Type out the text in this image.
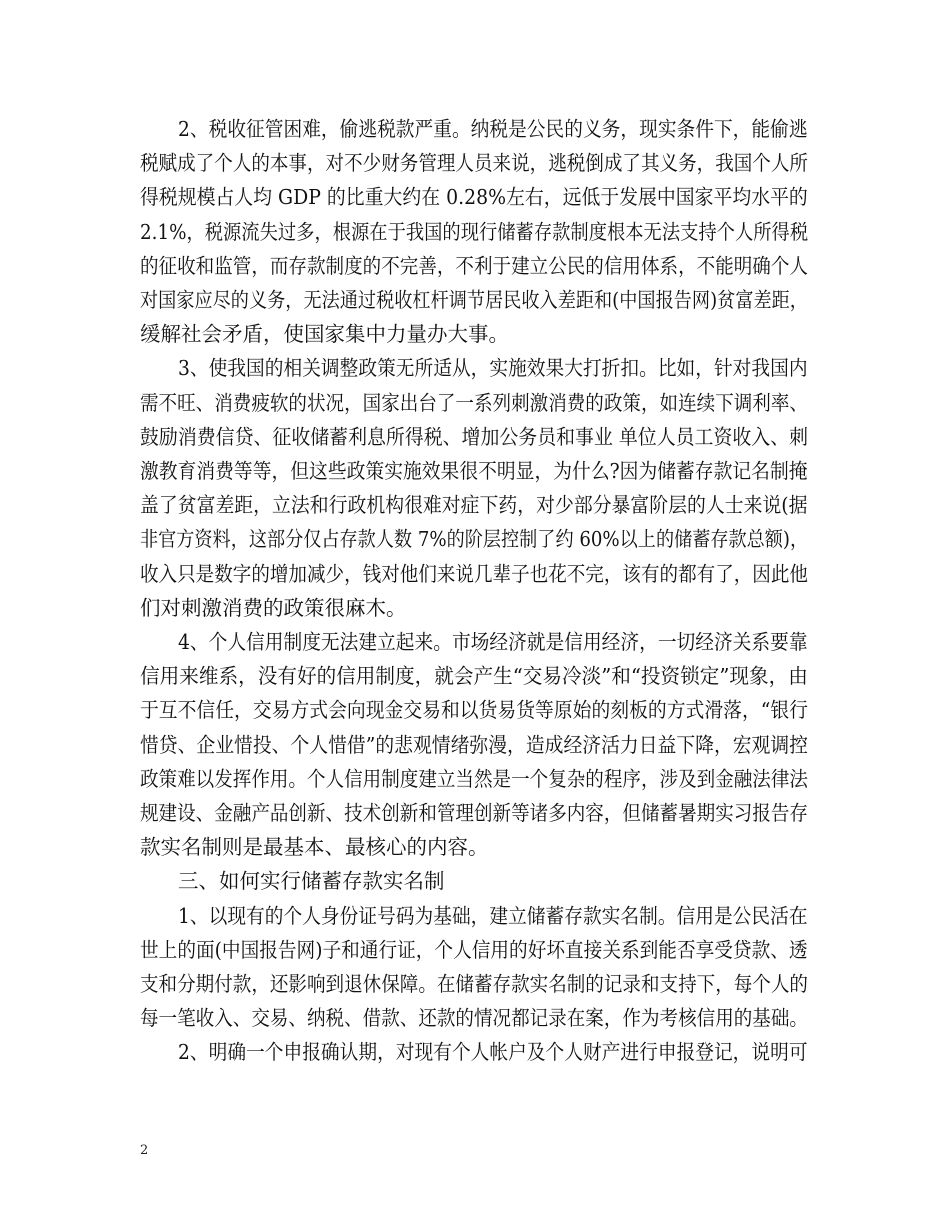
2、税收征管困难，偷逃税款严重。纳税是公民的义务，现实条件下，能偷逃
税赋成了个人的本事，对不少财务管理人员来说，逃税倒成了其义务，我国个人所
得税规模占人均 GDP 的比重大约在 0.28%左右，远低于发展中国家平均水平的
2.1%，税源流失过多，根源在于我国的现行储蓄存款制度根本无法支持个人所得税
的征收和监管，而存款制度的不完善，不利于建立公民的信用体系，不能明确个人
对国家应尽的义务，无法通过税收杠杆调节居民收入差距和(中国报告网)贫富差距，
缓解社会矛盾，使国家集中力量办大事。
3、使我国的相关调整政策无所适从，实施效果大打折扣。比如，针对我国内
需不旺、消费疲软的状况，国家出台了一系列刺激消费的政策，如连续下调利率、
鼓励消费信贷、征收储蓄利息所得税、增加公务员和事业 单位人员工资收入、刺
激教育消费等等，但这些政策实施效果很不明显，为什么?因为储蓄存款记名制掩
盖了贫富差距，立法和行政机构很难对症下药，对少部分暴富阶层的人士来说(据
非官方资料，这部分仅占存款人数 7%的阶层控制了约 60%以上的储蓄存款总额)，
收入只是数字的增加减少，钱对他们来说几辈子也花不完，该有的都有了，因此他
们对刺激消费的政策很麻木。
4、个人信用制度无法建立起来。市场经济就是信用经济，一切经济关系要靠
信用来维系，没有好的信用制度，就会产生“交易冷淡”和“投资锁定”现象，由
于互不信任，交易方式会向现金交易和以货易货等原始的刻板的方式滑落，“银行
惜贷、企业惜投、个人惜借”的悲观情绪弥漫，造成经济活力日益下降，宏观调控
政策难以发挥作用。个人信用制度建立当然是一个复杂的程序，涉及到金融法律法
规建设、金融产品创新、技术创新和管理创新等诸多内容，但储蓄暑期实习报告存
款实名制则是最基本、最核心的内容。
三、如何实行储蓄存款实名制
1、以现有的个人身份证号码为基础，建立储蓄存款实名制。信用是公民活在
世上的面(中国报告网)子和通行证，个人信用的好坏直接关系到能否享受贷款、透
支和分期付款，还影响到退休保障。在储蓄存款实名制的记录和支持下，每个人的
每一笔收入、交易、纳税、借款、还款的情况都记录在案，作为考核信用的基础。
2、明确一个申报确认期，对现有个人帐户及个人财产进行申报登记，说明可
2
